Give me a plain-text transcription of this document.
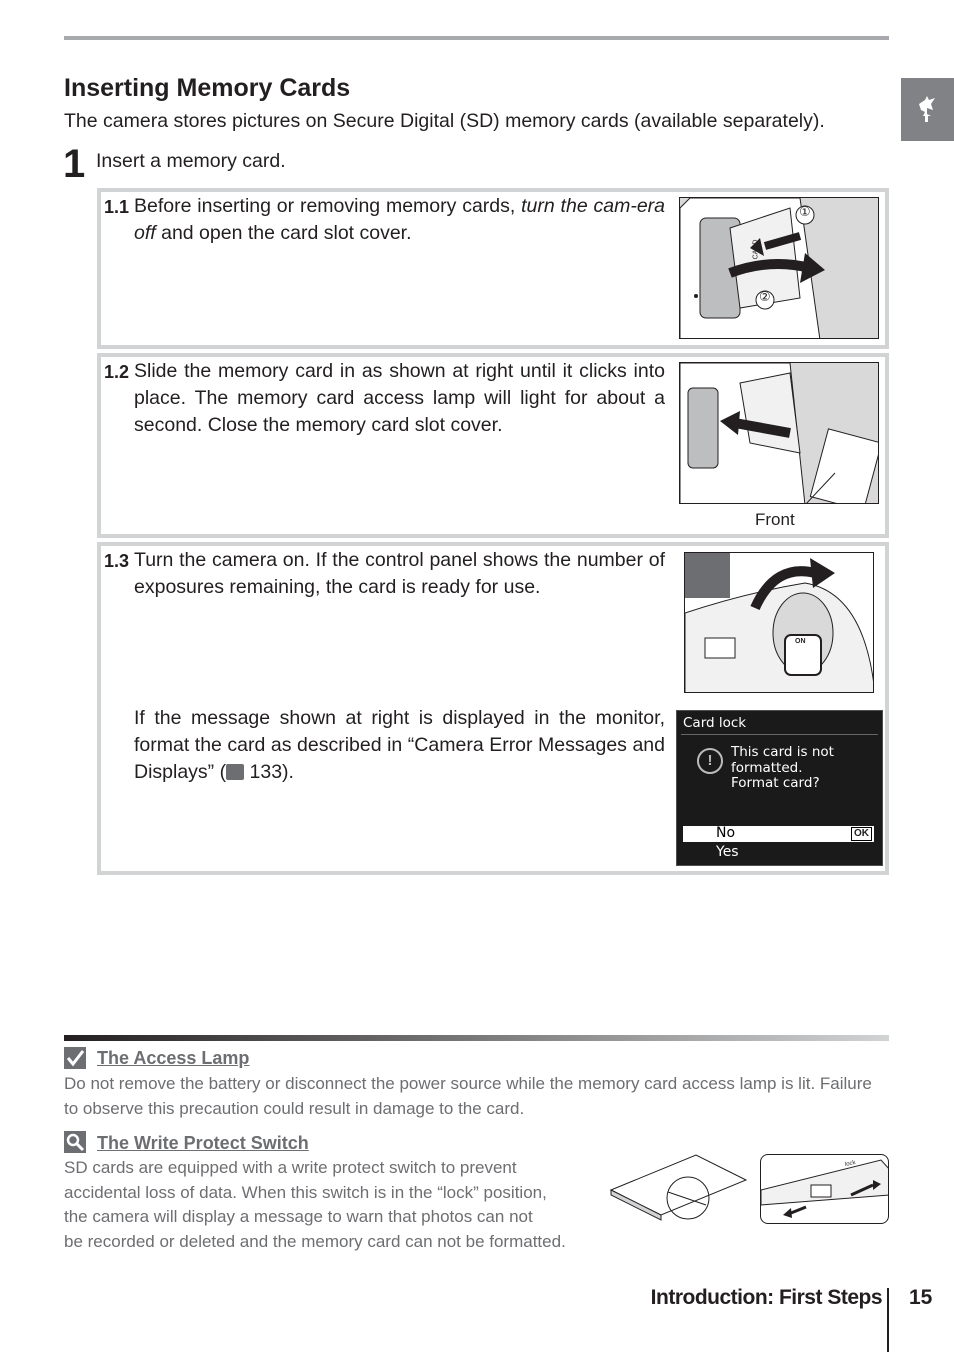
Inserting Memory Cards
The camera stores pictures on Secure Digital (SD) memory cards (available separately).
1 Insert a memory card.
1.1 Before inserting or removing memory cards, turn the cam-era off and open the card slot cover.
①
②
CARD
1.2 Slide the memory card in as shown at right until it clicks into place. The memory card access lamp will light for about a second. Close the memory card slot cover.
Front
1.3 Turn the camera on. If the control panel shows the number of exposures remaining, the card is ready for use.
If the message shown at right is displayed in the monitor, format the card as described in “Camera Error Messages and Displays” ( 133).
ON
Card lock
!	This card is not
formatted.
Format card?
No	OK
Yes
The Access Lamp
Do not remove the battery or disconnect the power source while the memory card access lamp is lit. Failure to observe this precaution could result in damage to the card.
The Write Protect Switch
SD cards are equipped with a write protect switch to prevent
accidental loss of data. When this switch is in the “lock” position,
the camera will display a message to warn that photos can not
be recorded or deleted and the memory card can not be formatted.
lock
Introduction: First Steps 15
